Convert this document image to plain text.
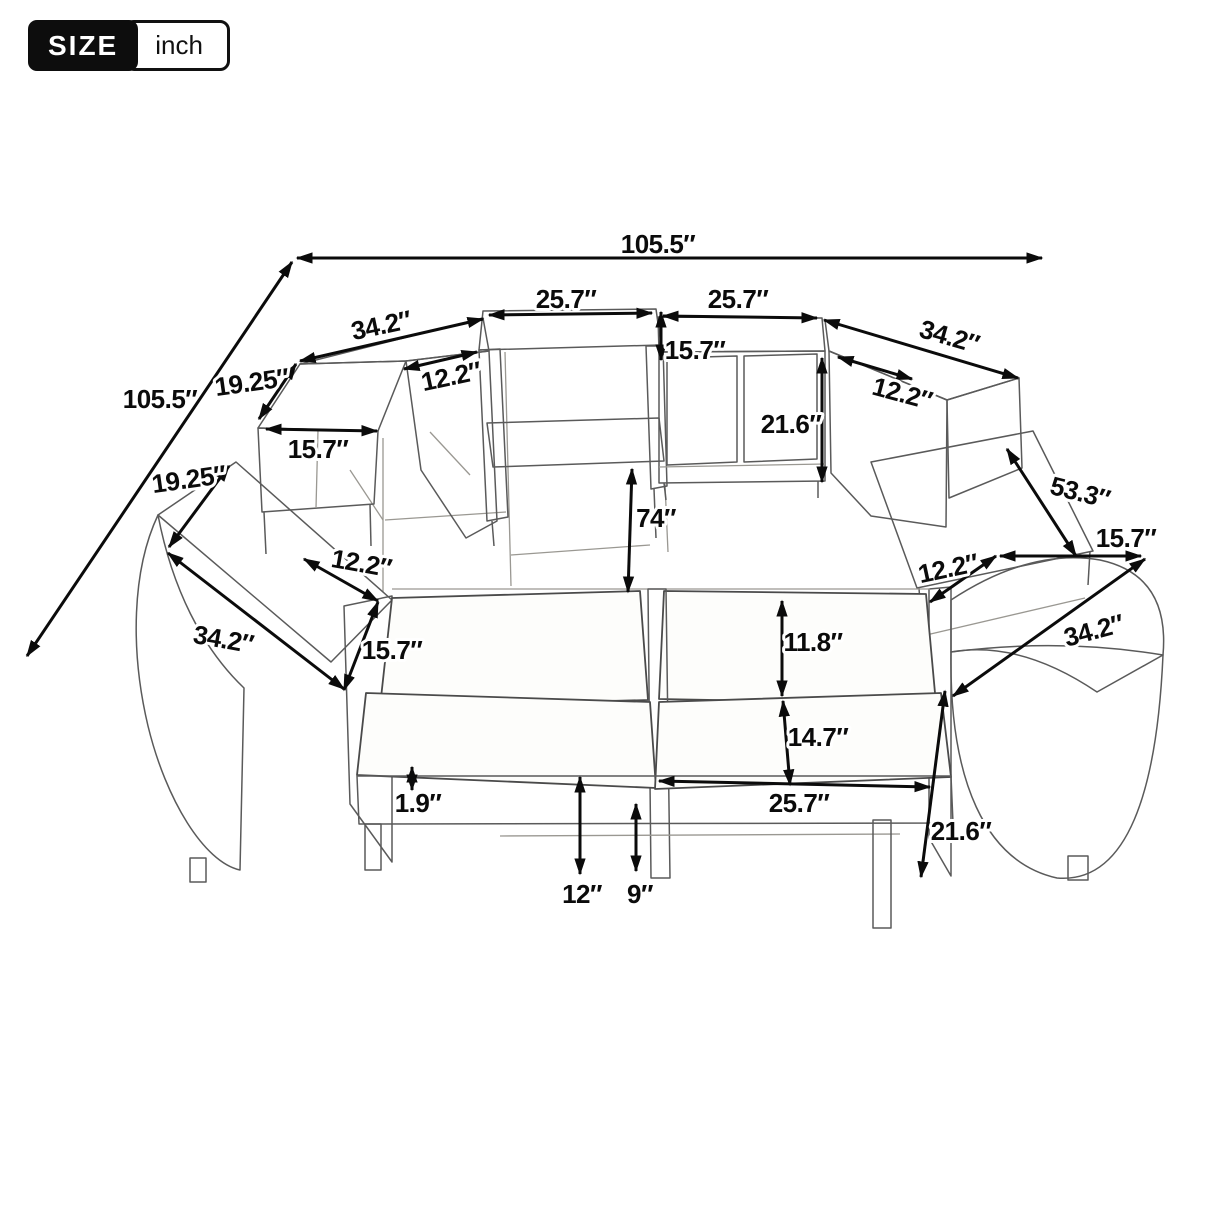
SIZE	inch
105.5″
105.5″
34.2″
25.7″	25.7″
34.2″
19.25″	12.2″
15.7″
12.2″
15.7″
21.6″
19.25″	53.3″
12.2″	12.2″
15.7″
74″
34.2″	15.7″	34.2″
11.8″
14.7″
1.9″	25.7″
21.6″
12″ 9″
